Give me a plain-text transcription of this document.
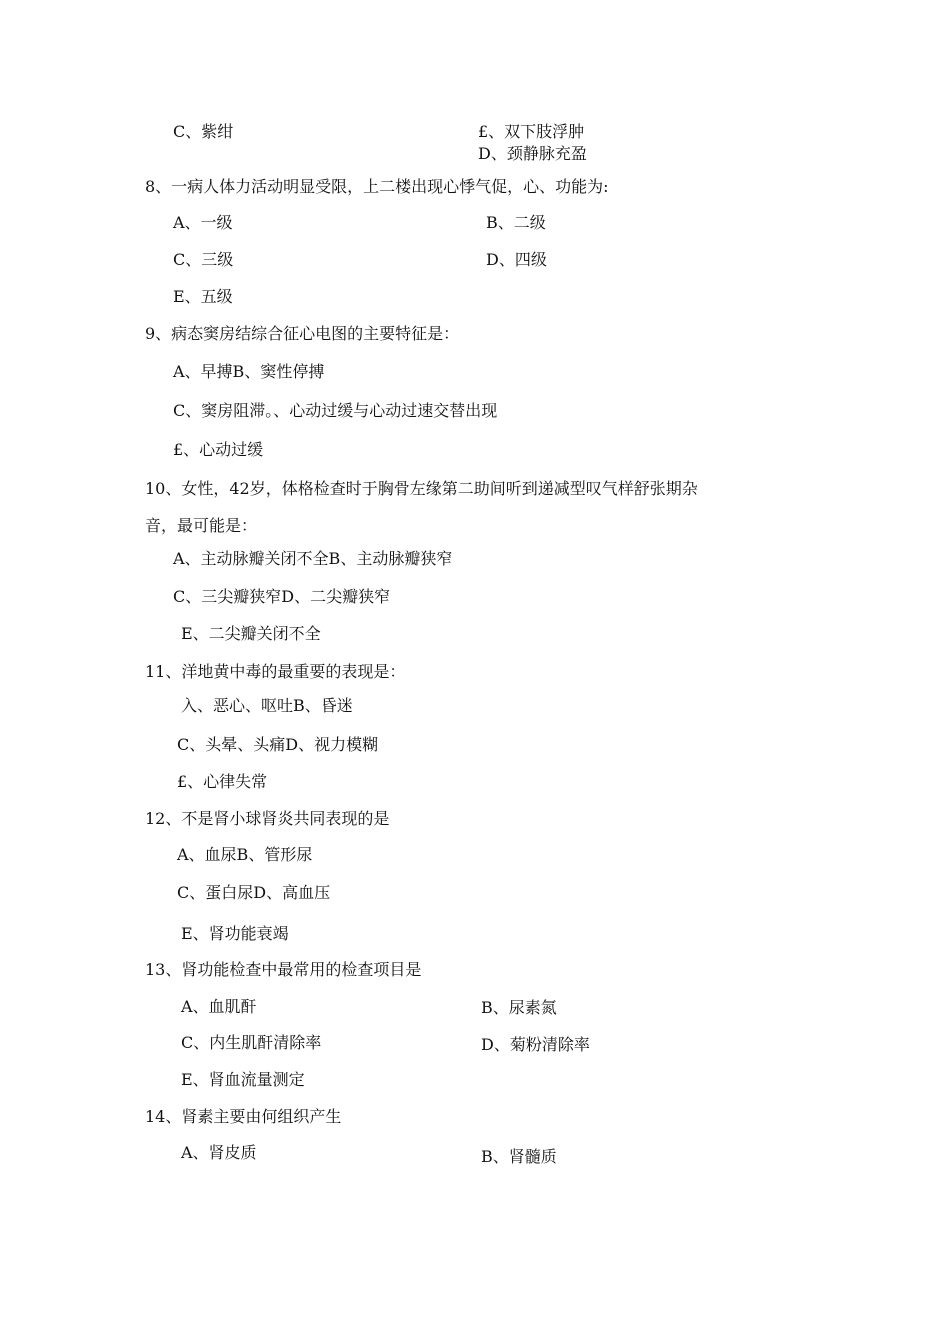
C、紫绀	£、双下肢浮肿
D、颈静脉充盈
8、一病人体力活动明显受限，上二楼出现心悸气促，心、功能为:
A、一级	B、二级
C、三级	D、四级
E、五级
9、病态窦房结综合征心电图的主要特征是：
A、早搏B、窦性停搏
C、窦房阻滞。、心动过缓与心动过速交替出现
£、心动过缓
10、女性，42岁，体格检查时于胸骨左缘第二助间听到递减型叹气样舒张期杂
音，最可能是：
A、主动脉瓣关闭不全B、主动脉瓣狭窄
C、三尖瓣狭窄D、二尖瓣狭窄
E、二尖瓣关闭不全
11、洋地黄中毒的最重要的表现是：
入、恶心、呕吐B、昏迷
C、头晕、头痛D、视力模糊
£、心律失常
12、不是肾小球肾炎共同表现的是
A、血尿B、管形尿
C、蛋白尿D、高血压
E、肾功能衰竭
13、肾功能检查中最常用的检查项目是
A、血肌酐	B、尿素氮
C、内生肌酐清除率	D、菊粉清除率
E、肾血流量测定
14、肾素主要由何组织产生
A、肾皮质	B、肾髓质
